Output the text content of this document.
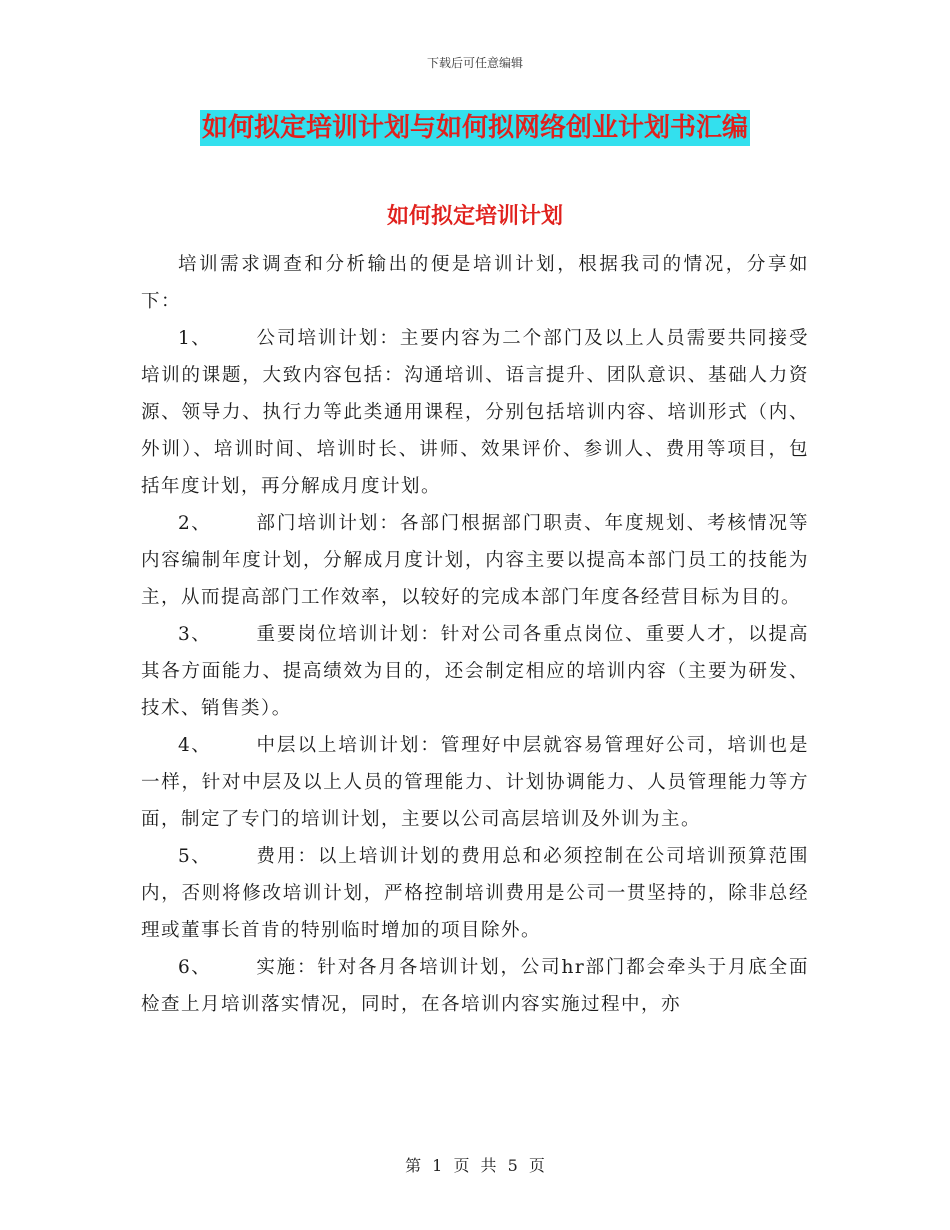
下载后可任意编辑
如何拟定培训计划与如何拟网络创业计划书汇编
如何拟定培训计划

培训需求调查和分析输出的便是培训计划，根据我司的情况，分享如下：

1、 公司培训计划：主要内容为二个部门及以上人员需要共同接受培训的课题，大致内容包括：沟通培训、语言提升、团队意识、基础人力资源、领导力、执行力等此类通用课程，分别包括培训内容、培训形式（内、外训）、培训时间、培训时长、讲师、效果评价、参训人、费用等项目，包括年度计划，再分解成月度计划。

2、 部门培训计划：各部门根据部门职责、年度规划、考核情况等内容编制年度计划，分解成月度计划，内容主要以提高本部门员工的技能为主，从而提高部门工作效率，以较好的完成本部门年度各经营目标为目的。

3、 重要岗位培训计划：针对公司各重点岗位、重要人才，以提高其各方面能力、提高绩效为目的，还会制定相应的培训内容（主要为研发、技术、销售类）。

4、 中层以上培训计划：管理好中层就容易管理好公司，培训也是一样，针对中层及以上人员的管理能力、计划协调能力、人员管理能力等方面，制定了专门的培训计划，主要以公司高层培训及外训为主。

5、 费用：以上培训计划的费用总和必须控制在公司培训预算范围内，否则将修改培训计划，严格控制培训费用是公司一贯坚持的，除非总经理或董事长首肯的特别临时增加的项目除外。

6、 实施：针对各月各培训计划，公司hr部门都会牵头于月底全面检查上月培训落实情况，同时，在各培训内容实施过程中，亦

第 1 页 共 5 页
